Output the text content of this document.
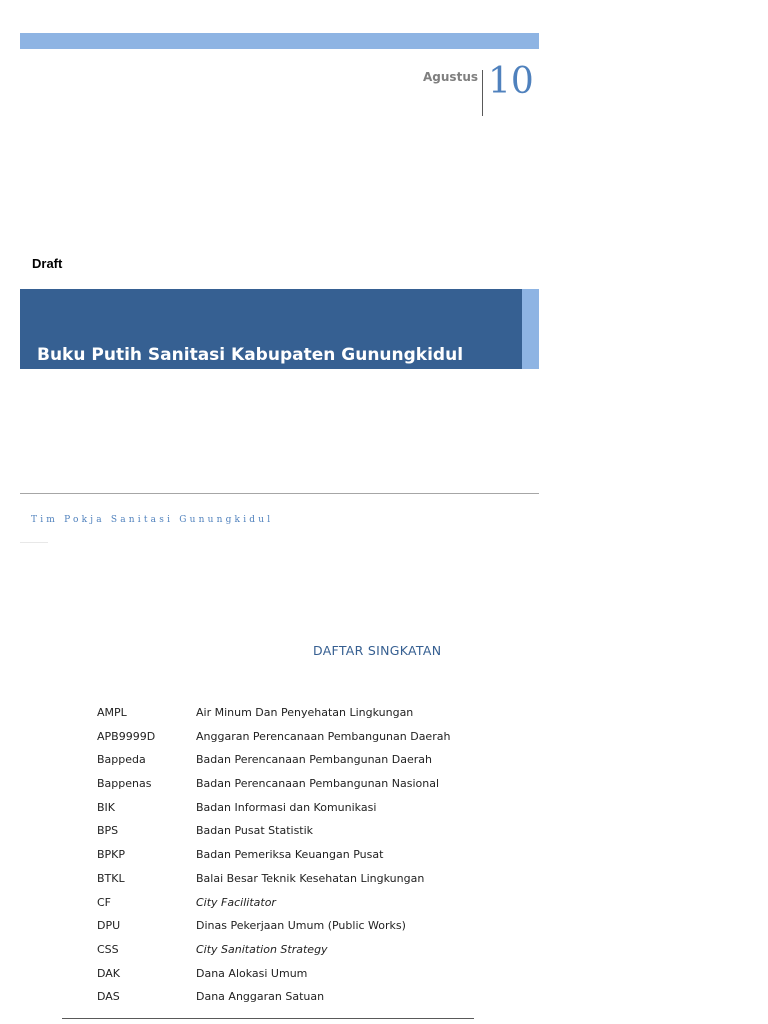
Agustus 10
Draft
Buku Putih Sanitasi Kabupaten Gunungkidul
Tim Pokja Sanitasi Gunungkidul
DAFTAR SINGKATAN
AMPL	Air Minum Dan Penyehatan Lingkungan
APB9999D	Anggaran Perencanaan Pembangunan Daerah
Bappeda	Badan Perencanaan Pembangunan Daerah
Bappenas	Badan Perencanaan Pembangunan Nasional
BIK	Badan Informasi dan Komunikasi
BPS	Badan Pusat Statistik
BPKP	Badan Pemeriksa Keuangan Pusat
BTKL	Balai Besar Teknik Kesehatan Lingkungan
CF	City Facilitator
DPU	Dinas Pekerjaan Umum (Public Works)
CSS	City Sanitation Strategy
DAK	Dana Alokasi Umum
DAS	Dana Anggaran Satuan
